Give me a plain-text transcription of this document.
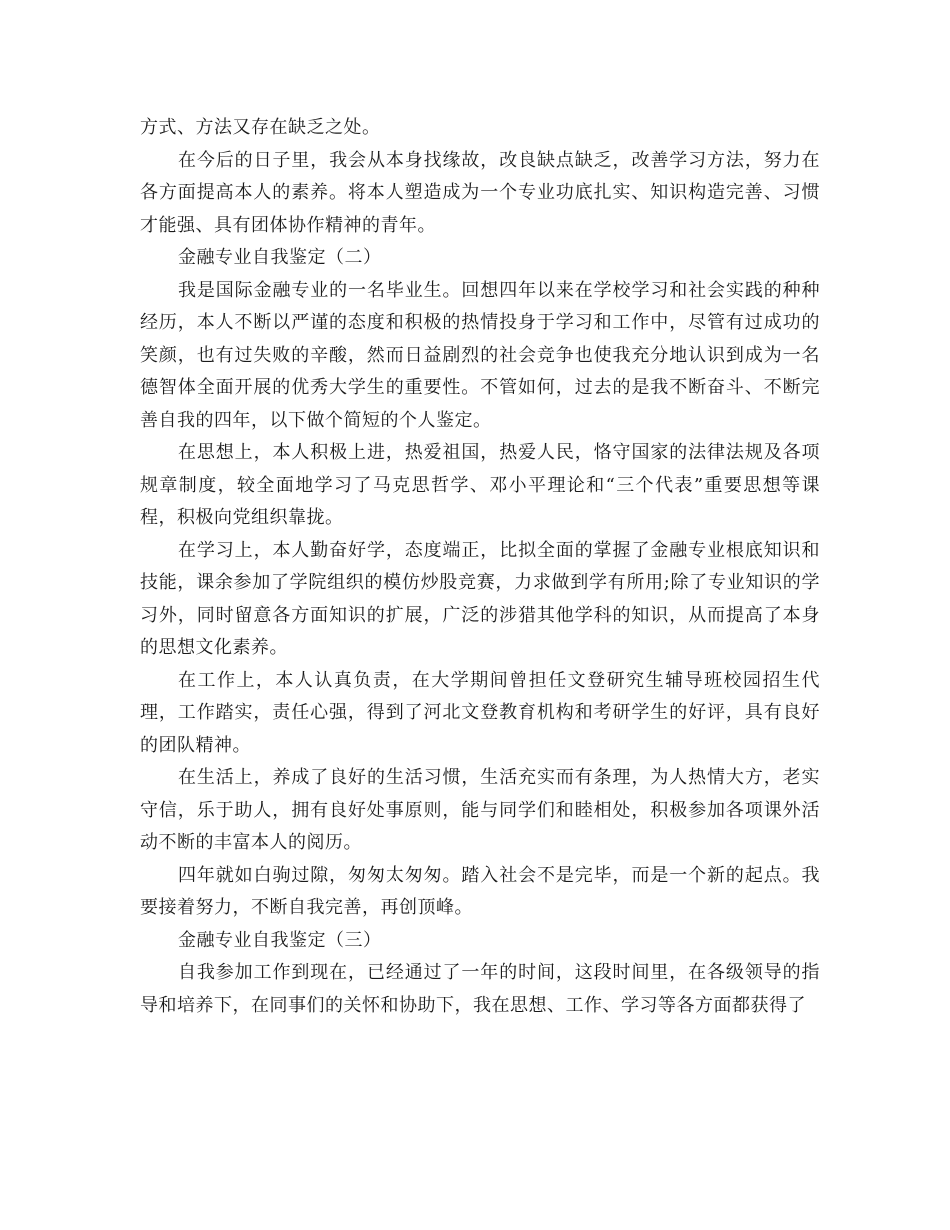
方式、方法又存在缺乏之处。

在今后的日子里，我会从本身找缘故，改良缺点缺乏，改善学习方法，努力在各方面提高本人的素养。将本人塑造成为一个专业功底扎实、知识构造完善、习惯才能强、具有团体协作精神的青年。

金融专业自我鉴定（二）

我是国际金融专业的一名毕业生。回想四年以来在学校学习和社会实践的种种经历，本人不断以严谨的态度和积极的热情投身于学习和工作中，尽管有过成功的笑颜，也有过失败的辛酸，然而日益剧烈的社会竞争也使我充分地认识到成为一名德智体全面开展的优秀大学生的重要性。不管如何，过去的是我不断奋斗、不断完善自我的四年，以下做个简短的个人鉴定。

在思想上，本人积极上进，热爱祖国，热爱人民，恪守国家的法律法规及各项规章制度，较全面地学习了马克思哲学、邓小平理论和“三个代表”重要思想等课程，积极向党组织靠拢。

在学习上，本人勤奋好学，态度端正，比拟全面的掌握了金融专业根底知识和技能，课余参加了学院组织的模仿炒股竞赛，力求做到学有所用;除了专业知识的学习外，同时留意各方面知识的扩展，广泛的涉猎其他学科的知识，从而提高了本身的思想文化素养。

在工作上，本人认真负责，在大学期间曾担任文登研究生辅导班校园招生代理，工作踏实，责任心强，得到了河北文登教育机构和考研学生的好评，具有良好的团队精神。

在生活上，养成了良好的生活习惯，生活充实而有条理，为人热情大方，老实守信，乐于助人，拥有良好处事原则，能与同学们和睦相处，积极参加各项课外活动不断的丰富本人的阅历。

四年就如白驹过隙，匆匆太匆匆。踏入社会不是完毕，而是一个新的起点。我要接着努力，不断自我完善，再创顶峰。

金融专业自我鉴定（三）

自我参加工作到现在，已经通过了一年的时间，这段时间里，在各级领导的指导和培养下，在同事们的关怀和协助下，我在思想、工作、学习等各方面都获得了
